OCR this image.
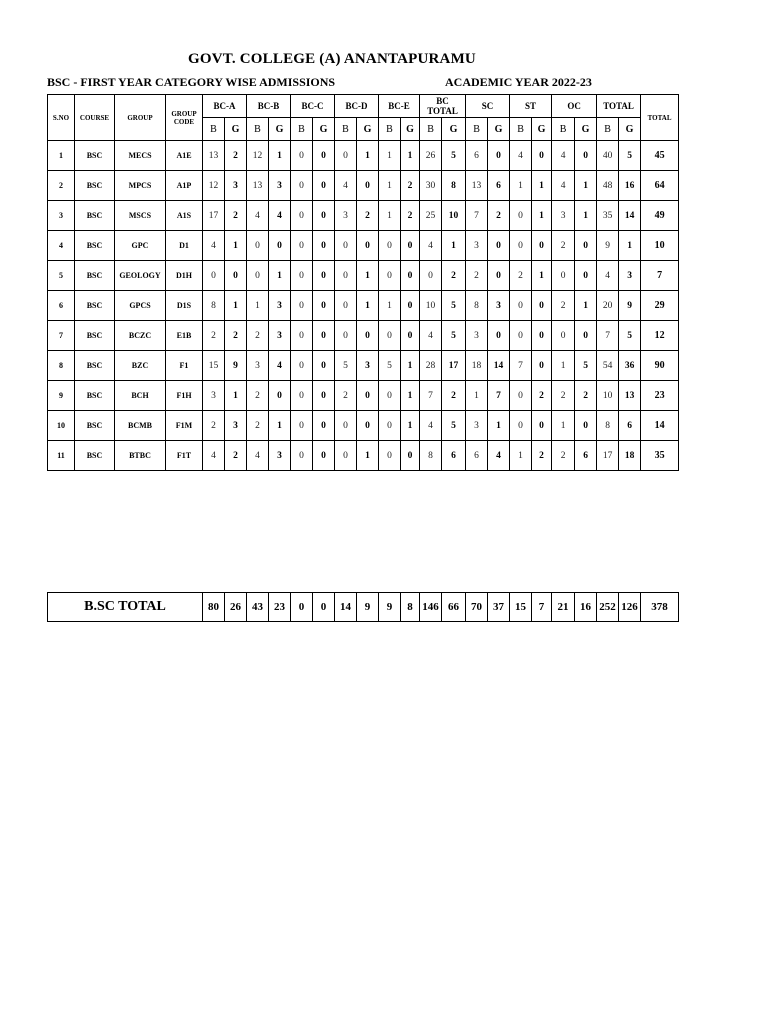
GOVT. COLLEGE (A) ANANTAPURAMU
BSC - FIRST YEAR CATEGORY WISE ADMISSIONS	ACADEMIC YEAR 2022-23
S.NO	COURSE	GROUP	GROUP CODE	BC-A		BC-B		BC-C		BC-D		BC-E		BC TOTAL		SC		ST		OC		TOTAL		TOTAL
				B	G	B	G	B	G	B	G	B	G	B	G	B	G	B	G	B	G	B	G	
1	BSC	MECS	A1E	13	2	12	1	0	0	0	1	1	1	26	5	6	0	4	0	4	0	40	5	45
2	BSC	MPCS	A1P	12	3	13	3	0	0	4	0	1	2	30	8	13	6	1	1	4	1	48	16	64
3	BSC	MSCS	A1S	17	2	4	4	0	0	3	2	1	2	25	10	7	2	0	1	3	1	35	14	49
4	BSC	GPC	D1	4	1	0	0	0	0	0	0	0	0	4	1	3	0	0	0	2	0	9	1	10
5	BSC	GEOLOGY	D1H	0	0	0	1	0	0	0	1	0	0	0	2	2	0	2	1	0	0	4	3	7
6	BSC	GPCS	D1S	8	1	1	3	0	0	0	1	1	0	10	5	8	3	0	0	2	1	20	9	29
7	BSC	BCZC	E1B	2	2	2	3	0	0	0	0	0	0	4	5	3	0	0	0	0	0	7	5	12
8	BSC	BZC	F1	15	9	3	4	0	0	5	3	5	1	28	17	18	14	7	0	1	5	54	36	90
9	BSC	BCH	F1H	3	1	2	0	0	0	2	0	0	1	7	2	1	7	0	2	2	2	10	13	23
10	BSC	BCMB	F1M	2	3	2	1	0	0	0	0	0	1	4	5	3	1	0	0	1	0	8	6	14
11	BSC	BTBC	F1T	4	2	4	3	0	0	0	1	0	0	8	6	6	4	1	2	2	6	17	18	35
B.SC TOTAL	80	26	43	23	0	0	14	9	9	8	146	66	70	37	15	7	21	16	252	126	378
